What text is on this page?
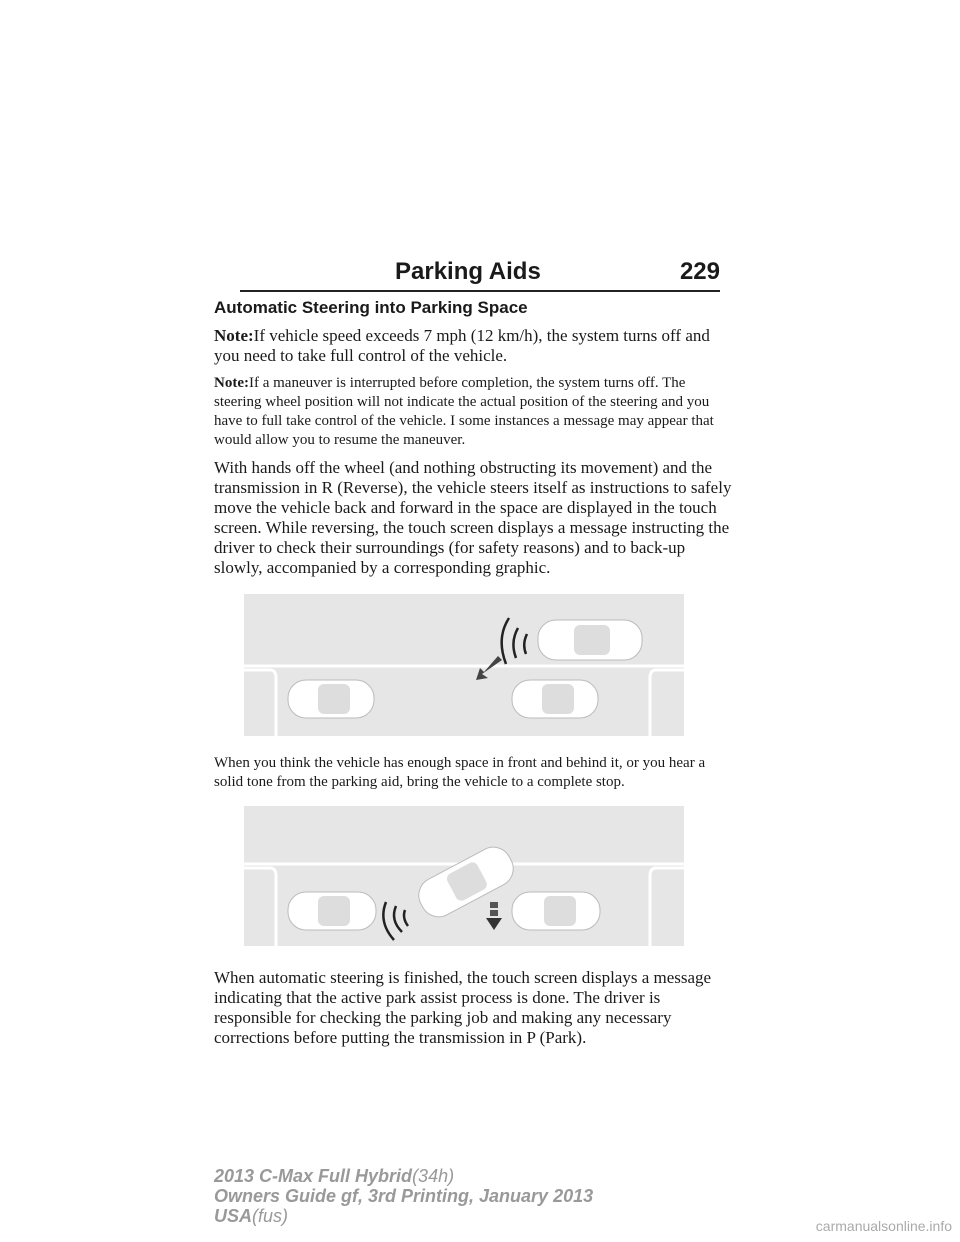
Parking Aids	229
Automatic Steering into Parking Space

Note:If vehicle speed exceeds 7 mph (12 km/h), the system turns off and you need to take full control of the vehicle.

Note:If a maneuver is interrupted before completion, the system turns off. The steering wheel position will not indicate the actual position of the steering and you have to full take control of the vehicle. I some instances a message may appear that would allow you to resume the maneuver.

With hands off the wheel (and nothing obstructing its movement) and the transmission in R (Reverse), the vehicle steers itself as instructions to safely move the vehicle back and forward in the space are displayed in the touch screen. While reversing, the touch screen displays a message instructing the driver to check their surroundings (for safety reasons) and to back-up slowly, accompanied by a corresponding graphic.

When you think the vehicle has enough space in front and behind it, or you hear a solid tone from the parking aid, bring the vehicle to a complete stop.

When automatic steering is finished, the touch screen displays a message indicating that the active park assist process is done. The driver is responsible for checking the parking job and making any necessary corrections before putting the transmission in P (Park).

2013 C-Max Full Hybrid(34h)
Owners Guide gf, 3rd Printing, January 2013
USA(fus)	carmanualsonline.info
